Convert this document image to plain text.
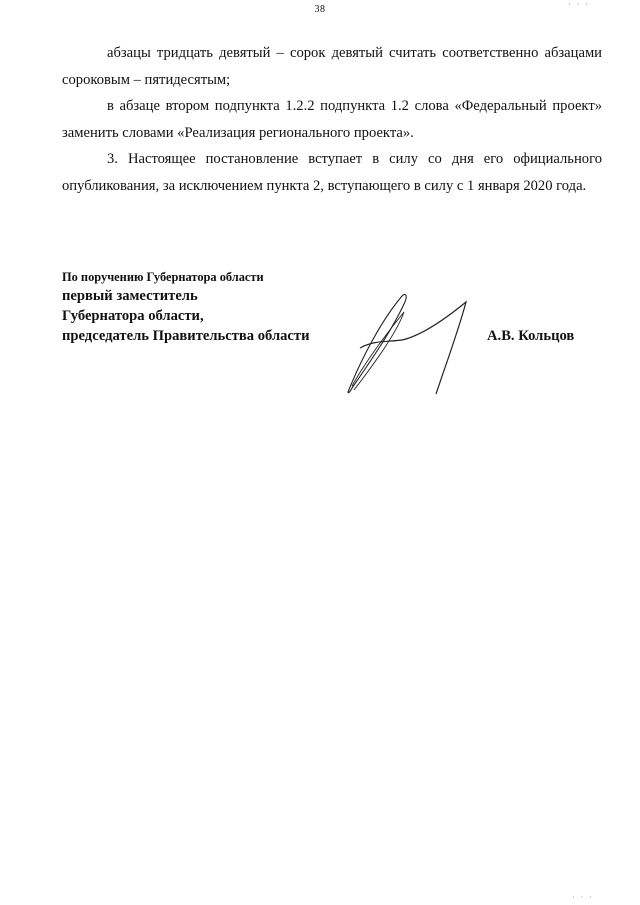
38	· · ·

абзацы тридцать девятый – сорок девятый считать соответственно абзацами сороковым – пятидесятым;

в абзаце втором подпункта 1.2.2 подпункта 1.2 слова «Федеральный проект» заменить словами «Реализация регионального проекта».

3. Настоящее постановление вступает в силу со дня его официального опубликования, за исключением пункта 2, вступающего в силу с 1 января 2020 года.

По поручению Губернатора области
первый заместитель
Губернатора области,
председатель Правительства области	А.В. Кольцов
· · ·
